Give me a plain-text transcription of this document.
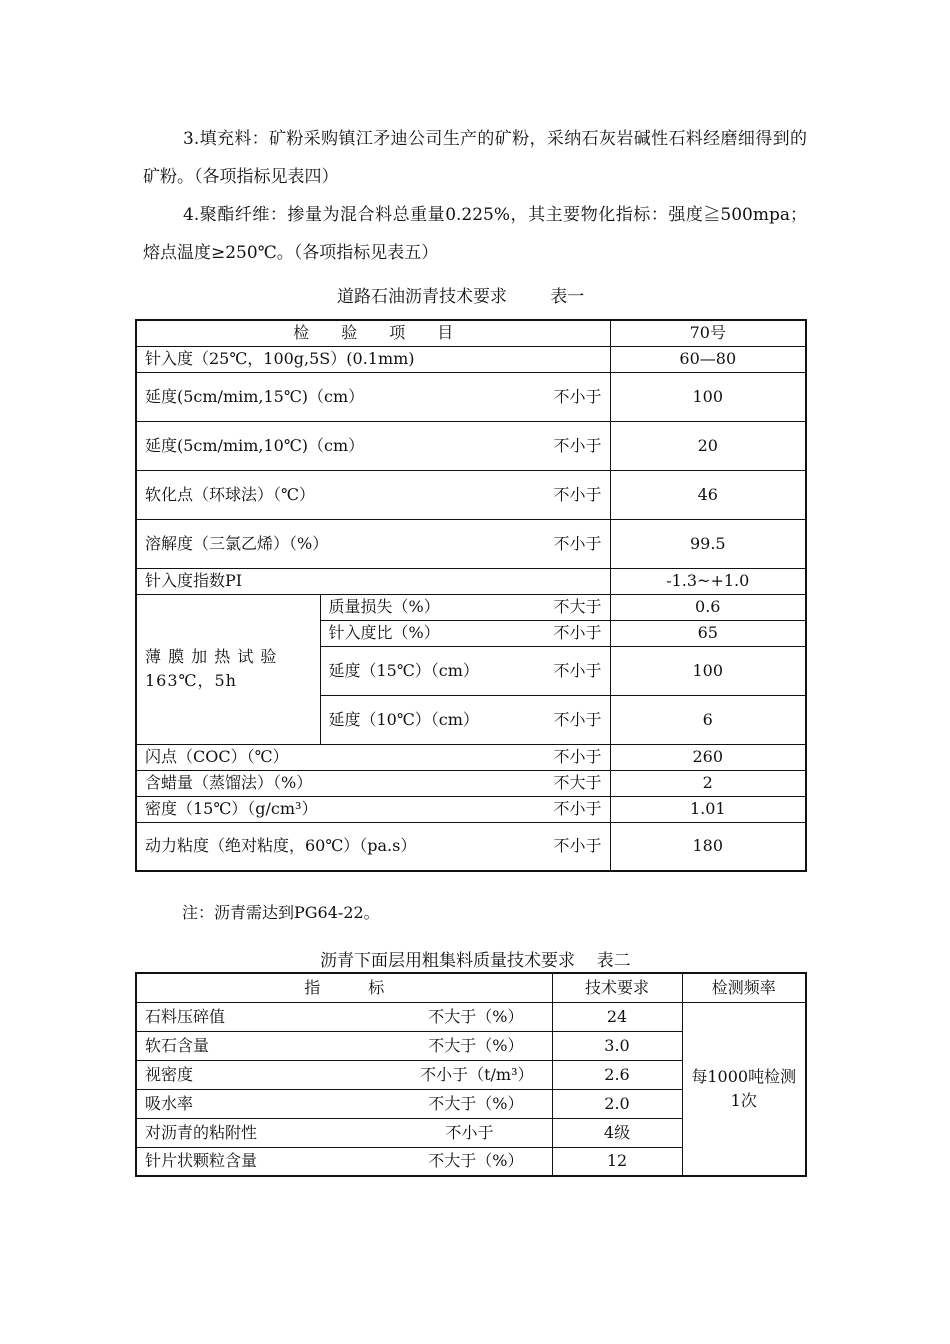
3.填充料：矿粉采购镇江矛迪公司生产的矿粉，采纳石灰岩碱性石料经磨细得到的矿粉。（各项指标见表四）

4.聚酯纤维：掺量为混合料总重量0.225%，其主要物化指标：强度≧500mpa；熔点温度≥250℃。（各项指标见表五）

道路石油沥青技术要求        表一
检　　验　　项　　目		70号
针入度（25℃，100g,5S）(0.1mm)		60—80

延度(5cm/mim,15℃)（cm） 不小于		100

延度(5cm/mim,10℃)（cm） 不小于		20

软化点（环球法）（℃） 不小于		46

溶解度（三氯乙烯）（%） 不小于		99.5
针入度指数PI		-1.3~+1.0
薄 膜 加 热 试 验163℃，5h	质量损失（%） 不大于	0.6

	针入度比（%） 不小于	65

	延度（15℃）（cm） 不小于	100

	延度（10℃）（cm） 不小于	6

闪点（COC）（℃） 不小于		260

含蜡量（蒸馏法）（%） 不大于		2

密度（15℃）（g/cm³） 不小于		1.01

动力粘度（绝对粘度，60℃）（pa.s） 不小于		180
注：沥青需达到PG64-22。
沥青下面层用粗集料质量技术要求    表二
指　　　标	技术要求	检测频率

石料压碎值 不大于（%）	24	每1000吨检测1次

软石含量 不大于（%）	3.0	

视密度 不小于（t/m³）	2.6	

吸水率 不大于（%）	2.0	

对沥青的粘附性 不小于	4级	

针片状颗粒含量 不大于（%）	12	
